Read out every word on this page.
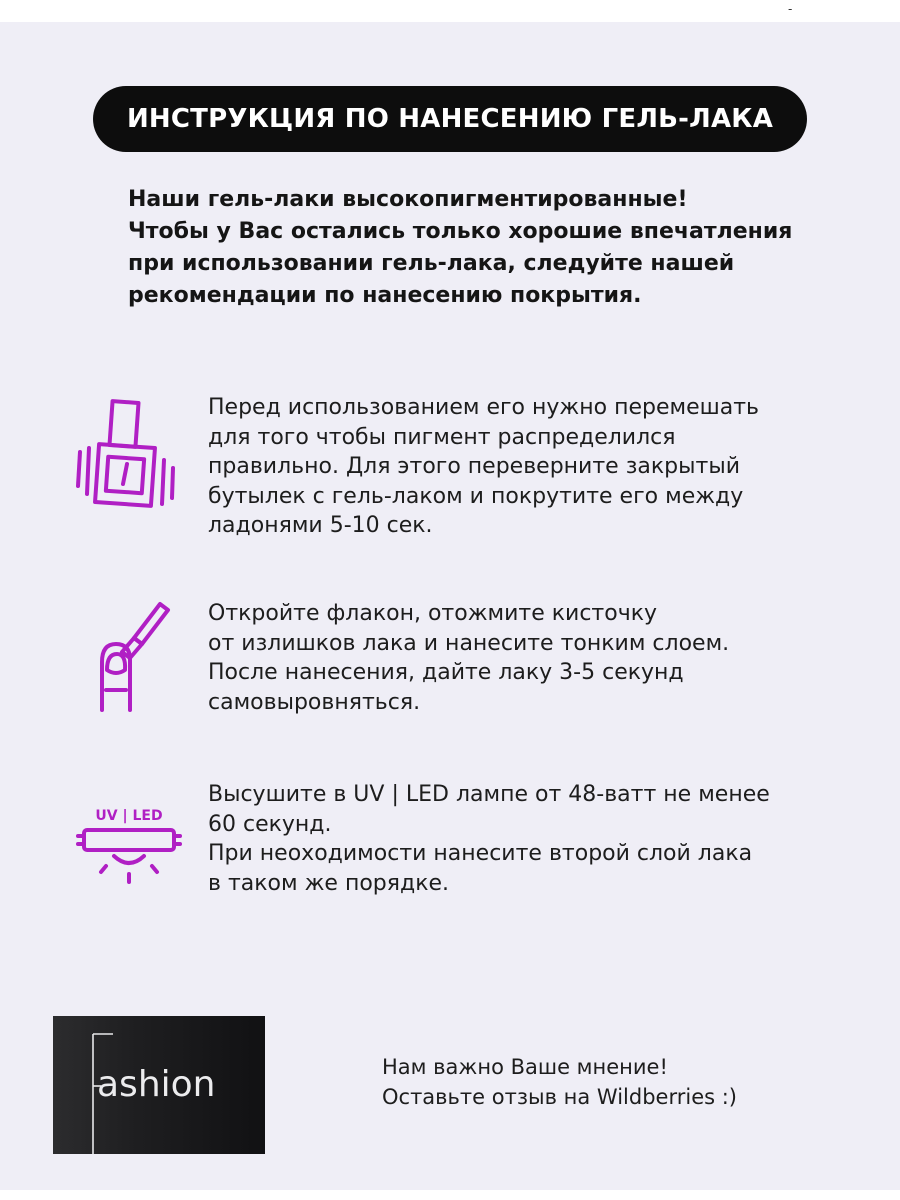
-
ИНСТРУКЦИЯ ПО НАНЕСЕНИЮ ГЕЛЬ-ЛАКА
Наши гель-лаки высокопигментированные!
Чтобы у Вас остались только хорошие впечатления
при использовании гель-лака, следуйте нашей
рекомендации по нанесению покрытия.
Перед использованием его нужно перемешать
для того чтобы пигмент распределился
правильно. Для этого переверните закрытый
бутылек с гель-лаком и покрутите его между
ладонями 5-10 сек.
Откройте флакон, отожмите кисточку
от излишков лака и нанесите тонким слоем.
После нанесения, дайте лаку 3-5 секунд
самовыровняться.
UV | LED
Высушите в UV | LED лампе от 48-ватт не менее
60 секунд.
При неоходимости нанесите второй слой лака
в таком же порядке.
ashion	Нам важно Ваше мнение!
Оставьте отзыв на Wildberries :)
